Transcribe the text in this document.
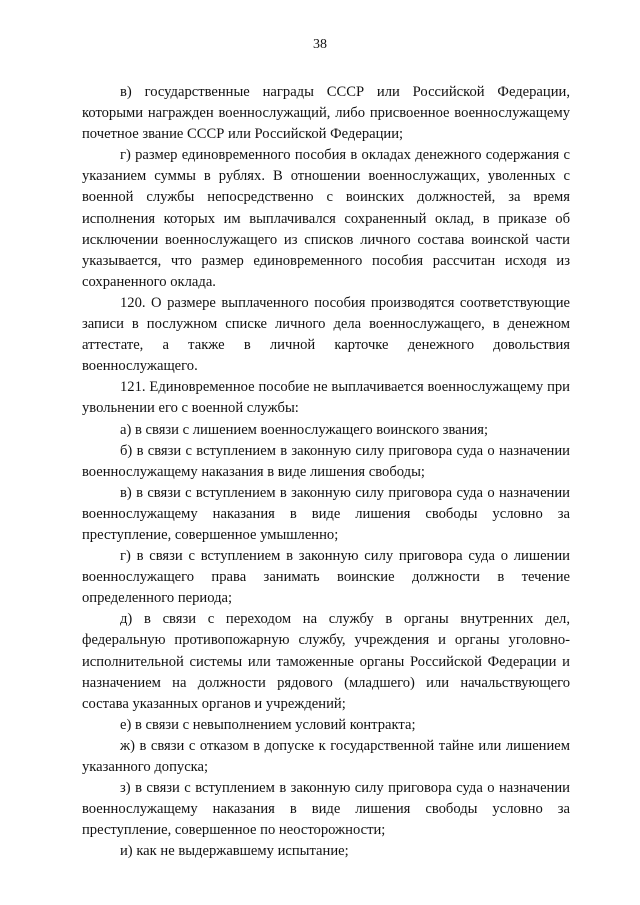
38

в) государственные награды СССР или Российской Федерации, которыми награжден военнослужащий, либо присвоенное военнослужащему почетное звание СССР или Российской Федерации;

г) размер единовременного пособия в окладах денежного содержания с указанием суммы в рублях. В отношении военнослужащих, уволенных с военной службы непосредственно с воинских должностей, за время исполнения которых им выплачивался сохраненный оклад, в приказе об исключении военнослужащего из списков личного состава воинской части указывается, что размер единовременного пособия рассчитан исходя из сохраненного оклада.

120. О размере выплаченного пособия производятся соответствующие записи в послужном списке личного дела военнослужащего, в денежном аттестате, а также в личной карточке денежного довольствия военнослужащего.

121. Единовременное пособие не выплачивается военнослужащему при увольнении его с военной службы:

а) в связи с лишением военнослужащего воинского звания;

б) в связи с вступлением в законную силу приговора суда о назначении военнослужащему наказания в виде лишения свободы;

в) в связи с вступлением в законную силу приговора суда о назначении военнослужащему наказания в виде лишения свободы условно за преступление, совершенное умышленно;

г) в связи с вступлением в законную силу приговора суда о лишении военнослужащего права занимать воинские должности в течение определенного периода;

д) в связи с переходом на службу в органы внутренних дел, федеральную противопожарную службу, учреждения и органы уголовно-исполнительной системы или таможенные органы Российской Федерации и назначением на должности рядового (младшего) или начальствующего состава указанных органов и учреждений;

е) в связи с невыполнением условий контракта;

ж) в связи с отказом в допуске к государственной тайне или лишением указанного допуска;

з) в связи с вступлением в законную силу приговора суда о назначении военнослужащему наказания в виде лишения свободы условно за преступление, совершенное по неосторожности;

и) как не выдержавшему испытание;
